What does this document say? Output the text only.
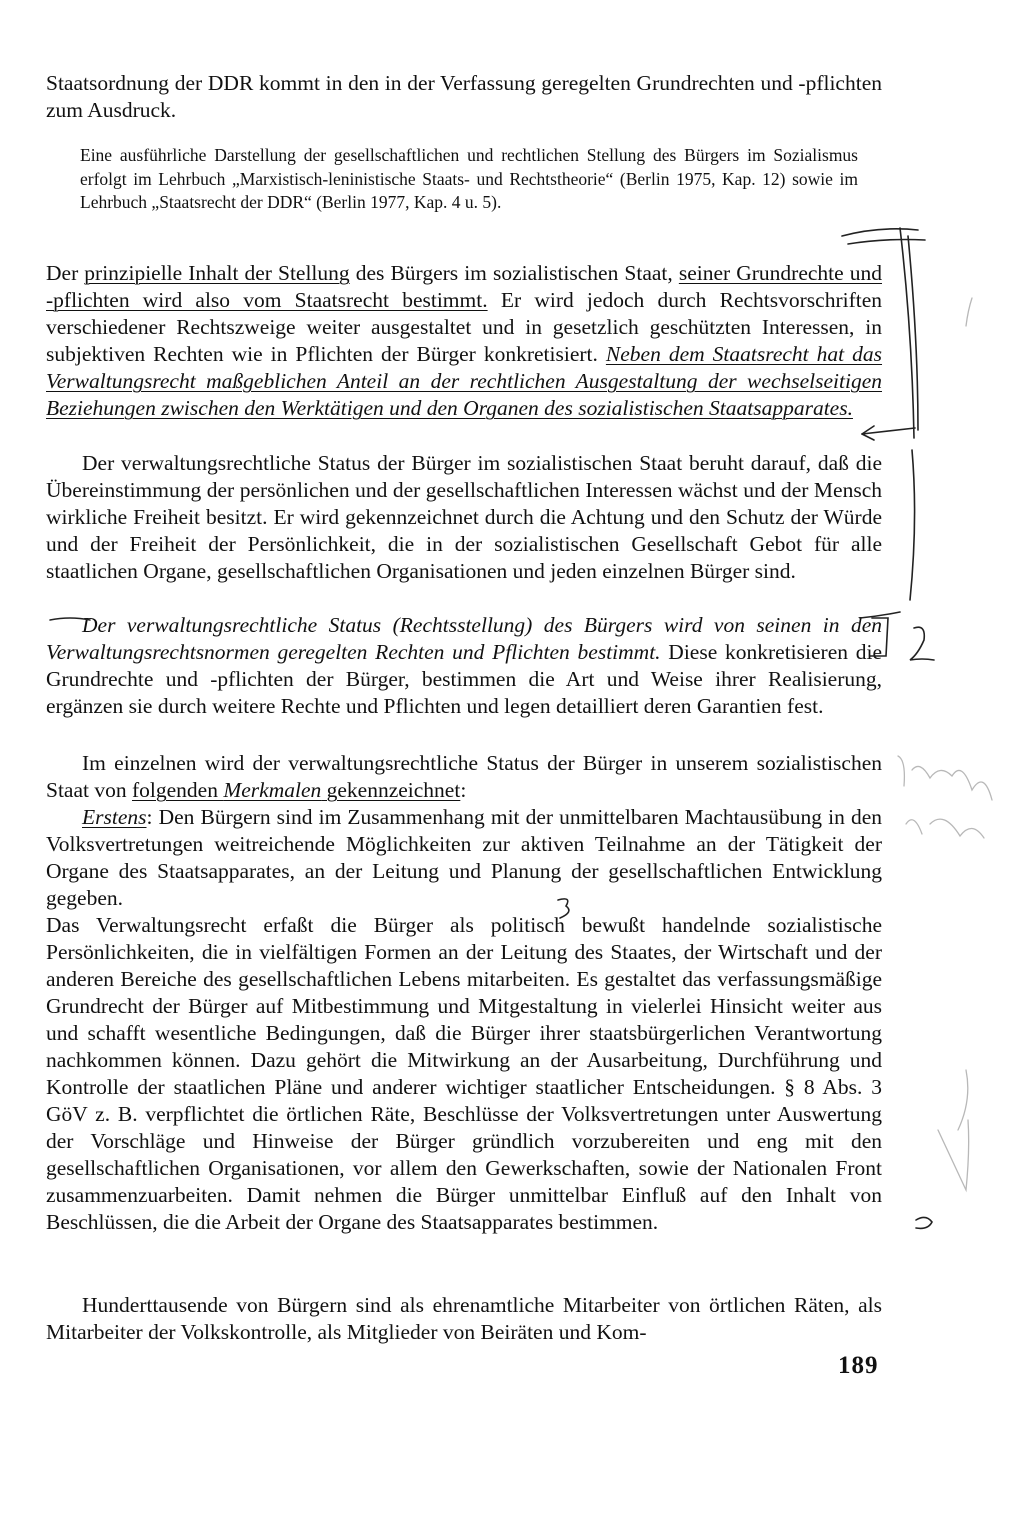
Staatsordnung der DDR kommt in den in der Verfassung geregelten Grundrechten und -pflichten zum Ausdruck.

Eine ausführliche Darstellung der gesellschaftlichen und rechtlichen Stellung des Bürgers im Sozialismus erfolgt im Lehrbuch „Marxistisch-leninistische Staats- und Rechtstheorie“ (Berlin 1975, Kap. 12) sowie im Lehrbuch „Staatsrecht der DDR“ (Berlin 1977, Kap. 4 u. 5).

Der prinzipielle Inhalt der Stellung des Bürgers im sozialistischen Staat, seiner Grundrechte und -pflichten wird also vom Staatsrecht bestimmt. Er wird jedoch durch Rechtsvorschriften verschiedener Rechtszweige weiter ausgestaltet und in gesetzlich geschützten Interessen, in subjektiven Rechten wie in Pflichten der Bürger konkretisiert. Neben dem Staatsrecht hat das Verwaltungsrecht maßgeblichen Anteil an der rechtlichen Ausgestaltung der wechselseitigen Beziehungen zwischen den Werktätigen und den Organen des sozialistischen Staatsapparates.

Der verwaltungsrechtliche Status der Bürger im sozialistischen Staat beruht darauf, daß die Übereinstimmung der persönlichen und der gesellschaftlichen Interessen wächst und der Mensch wirkliche Freiheit besitzt. Er wird gekennzeichnet durch die Achtung und den Schutz der Würde und der Freiheit der Persönlichkeit, die in der sozialistischen Gesellschaft Gebot für alle staatlichen Organe, gesellschaftlichen Organisationen und jeden einzelnen Bürger sind.

Der verwaltungsrechtliche Status (Rechtsstellung) des Bürgers wird von seinen in den Verwaltungsrechtsnormen geregelten Rechten und Pflichten bestimmt. Diese konkretisieren die Grundrechte und -pflichten der Bürger, bestimmen die Art und Weise ihrer Realisierung, ergänzen sie durch weitere Rechte und Pflichten und legen detailliert deren Garantien fest.

Im einzelnen wird der verwaltungsrechtliche Status der Bürger in unserem sozialistischen Staat von folgenden Merkmalen gekennzeichnet:

Erstens: Den Bürgern sind im Zusammenhang mit der unmittelbaren Machtausübung in den Volksvertretungen weitreichende Möglichkeiten zur aktiven Teilnahme an der Tätigkeit der Organe des Staatsapparates, an der Leitung und Planung der gesellschaftlichen Entwicklung gegeben.

Das Verwaltungsrecht erfaßt die Bürger als politisch bewußt handelnde sozialistische Persönlichkeiten, die in vielfältigen Formen an der Leitung des Staates, der Wirtschaft und der anderen Bereiche des gesellschaftlichen Lebens mitarbeiten. Es gestaltet das verfassungsmäßige Grundrecht der Bürger auf Mitbestimmung und Mitgestaltung in vielerlei Hinsicht weiter aus und schafft wesentliche Bedingungen, daß die Bürger ihrer staatsbürgerlichen Verantwortung nachkommen können. Dazu gehört die Mitwirkung an der Ausarbeitung, Durchführung und Kontrolle der staatlichen Pläne und anderer wichtiger staatlicher Entscheidungen. § 8 Abs. 3 GöV z. B. verpflichtet die örtlichen Räte, Beschlüsse der Volksvertretungen unter Auswertung der Vorschläge und Hinweise der Bürger gründlich vorzubereiten und eng mit den gesellschaftlichen Organisationen, vor allem den Gewerkschaften, sowie der Nationalen Front zusammenzuarbeiten. Damit nehmen die Bürger unmittelbar Einfluß auf den Inhalt von Beschlüssen, die die Arbeit der Organe des Staatsapparates bestimmen.

Hunderttausende von Bürgern sind als ehrenamtliche Mitarbeiter von örtlichen Räten, als Mitarbeiter der Volkskontrolle, als Mitglieder von Beiräten und Kom-

189
